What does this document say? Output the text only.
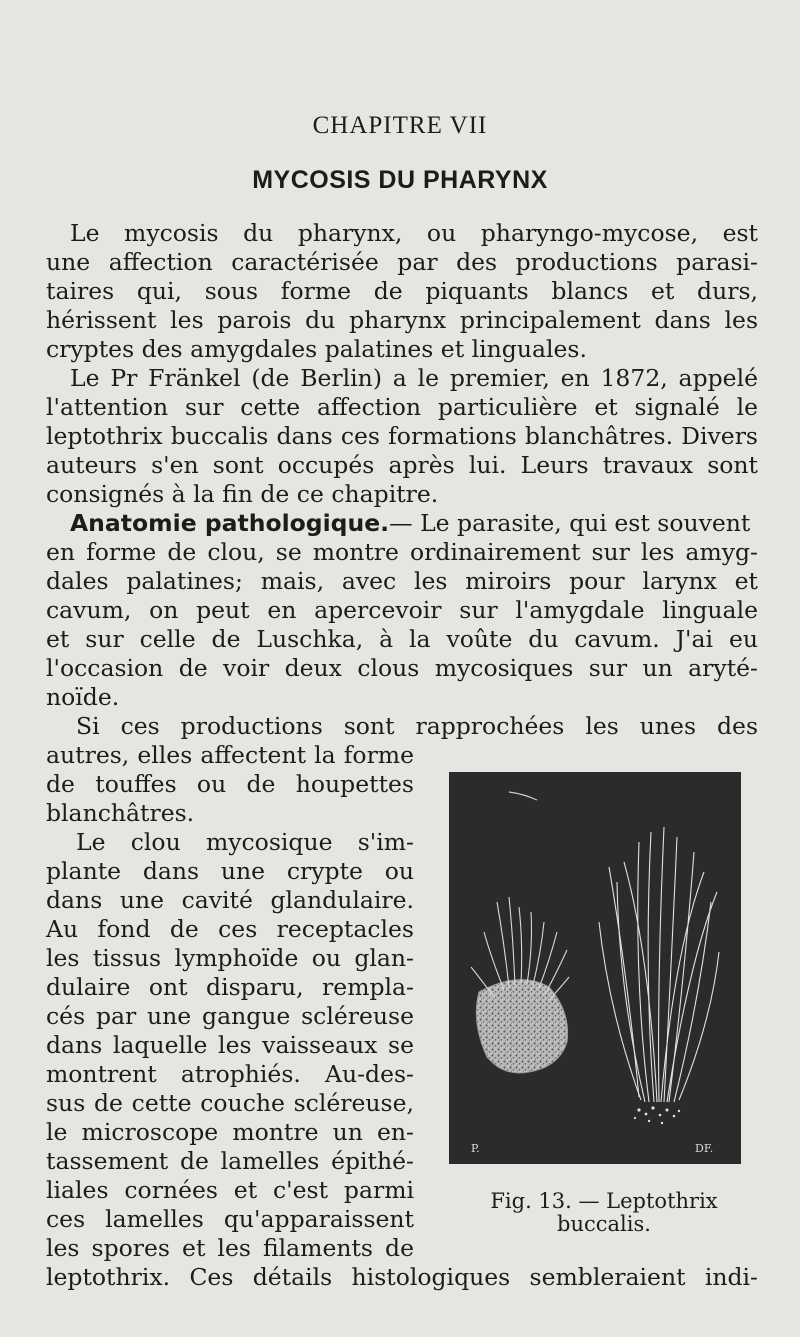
CHAPITRE VII
MYCOSIS DU PHARYNX
Le mycosis du pharynx, ou pharyngo-mycose, est
une affection caractérisée par des productions parasi-
taires qui, sous forme de piquants blancs et durs,
hérissent les parois du pharynx principalement dans les
cryptes des amygdales palatines et linguales.
Le Pr Fränkel (de Berlin) a le premier, en 1872, appelé
l'attention sur cette affection particulière et signalé le
leptothrix buccalis dans ces formations blanchâtres. Divers
auteurs s'en sont occupés après lui. Leurs travaux sont
consignés à la fin de ce chapitre.
Anatomie pathologique.— Le parasite, qui est souvent
en forme de clou, se montre ordinairement sur les amyg-
dales palatines; mais, avec les miroirs pour larynx et
cavum, on peut en apercevoir sur l'amygdale linguale
et sur celle de Luschka, à la voûte du cavum. J'ai eu
l'occasion de voir deux clous mycosiques sur un aryté-
noïde.
Si ces productions sont rapprochées les unes des
autres, elles affectent la forme
de touffes ou de houpettes
blanchâtres.
Le clou mycosique s'im-
plante dans une crypte ou
dans une cavité glandulaire.
Au fond de ces receptacles
les tissus lymphoïde ou glan-
dulaire ont disparu, rempla-
cés par une gangue scléreuse
dans laquelle les vaisseaux se
montrent atrophiés. Au-des-
sus de cette couche scléreuse,
le microscope montre un en-
tassement de lamelles épithé-
liales cornées et c'est parmi
ces lamelles qu'apparaissent
les spores et les filaments de
leptothrix. Ces détails histologiques sembleraient indi-
P.	DF.
Fig. 13. — Leptothrix
buccalis.
